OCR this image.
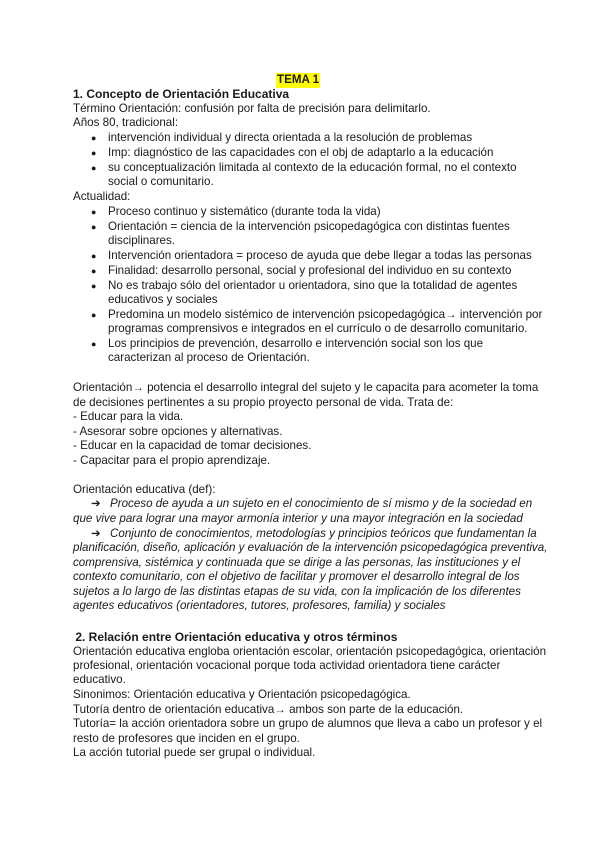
TEMA 1
1. Concepto de Orientación Educativa
Término Orientación: confusión por falta de precisión para delimitarlo.
Años 80, tradicional:
● intervención individual y directa orientada a la resolución de problemas
● Imp: diagnóstico de las capacidades con el obj de adaptarlo a la educación
● su conceptualización limitada al contexto de la educación formal, no el contexto
social o comunitario.
Actualidad:
● Proceso continuo y sistemático (durante toda la vida)
● Orientación = ciencia de la intervención psicopedagógica con distintas fuentes
disciplinares.
● Intervención orientadora = proceso de ayuda que debe llegar a todas las personas
● Finalidad: desarrollo personal, social y profesional del individuo en su contexto
● No es trabajo sólo del orientador u orientadora, sino que la totalidad de agentes
educativos y sociales
● Predomina un modelo sistémico de intervención psicopedagógica→ intervención por
programas comprensivos e integrados en el currículo o de desarrollo comunitario.
● Los principios de prevención, desarrollo e intervención social son los que
caracterizan al proceso de Orientación.
Orientación→ potencia el desarrollo integral del sujeto y le capacita para acometer la toma
de decisiones pertinentes a su propio proyecto personal de vida. Trata de:
- Educar para la vida.
- Asesorar sobre opciones y alternativas.
- Educar en la capacidad de tomar decisiones.
- Capacitar para el propio aprendizaje.
Orientación educativa (def):
➔ Proceso de ayuda a un sujeto en el conocimiento de sí mismo y de la sociedad en
que vive para lograr una mayor armonía interior y una mayor integración en la sociedad
➔ Conjunto de conocimientos, metodologías y principios teóricos que fundamentan la
planificación, diseño, aplicación y evaluación de la intervención psicopedagógica preventiva,
comprensiva, sistémica y continuada que se dirige a las personas, las instituciones y el
contexto comunitario, con el objetivo de facilitar y promover el desarrollo integral de los
sujetos a lo largo de las distintas etapas de su vida, con la implicación de los diferentes
agentes educativos (orientadores, tutores, profesores, familia) y sociales
2. Relación entre Orientación educativa y otros términos
Orientación educativa engloba orientación escolar, orientación psicopedagógica, orientación
profesional, orientación vocacional porque toda actividad orientadora tiene carácter
educativo.
Sinonimos: Orientación educativa y Orientación psicopedagógica.
Tutoría dentro de orientación educativa→ ambos son parte de la educación.
Tutoría= la acción orientadora sobre un grupo de alumnos que lleva a cabo un profesor y el
resto de profesores que inciden en el grupo.
La acción tutorial puede ser grupal o individual.
